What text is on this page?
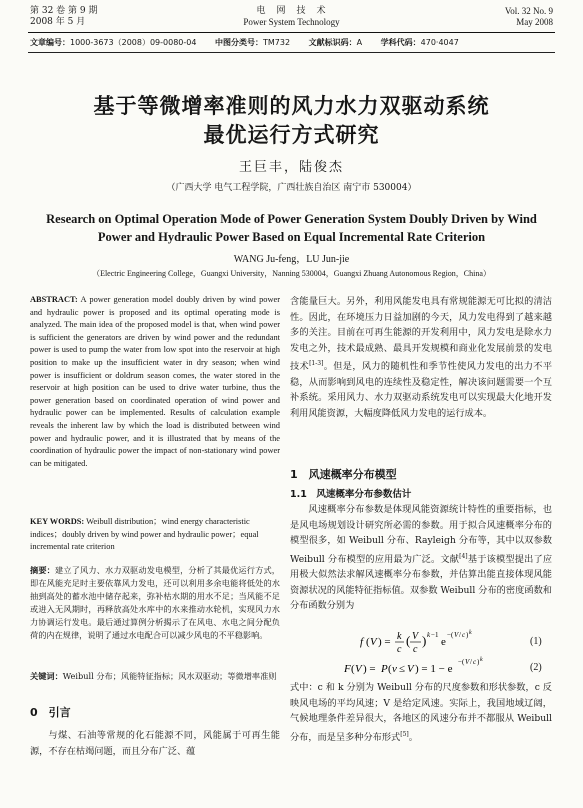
第 32 卷 第 9 期
2008 年 5 月
电　网　技　术
Power System Technology
Vol. 32 No. 9
May 2008
文章编号：1000-3673（2008）09-0080-04 中图分类号：TM732 文献标识码：A 学科代码：470·4047
基于等微增率准则的风力水力双驱动系统
最优运行方式研究
王巨丰，陆俊杰
（广西大学 电气工程学院，广西壮族自治区 南宁市 530004）
Research on Optimal Operation Mode of Power Generation System Doubly Driven by Wind
Power and Hydraulic Power Based on Equal Incremental Rate Criterion
WANG Ju-feng，LU Jun-jie
（Electric Engineering College，Guangxi University，Nanning 530004，Guangxi Zhuang Autonomous Region，China）
ABSTRACT: A power generation model doubly driven by wind power and hydraulic power is proposed and its optimal operating mode is analyzed. The main idea of the proposed model is that, when wind power is sufficient the generators are driven by wind power and the redundant power is used to pump the water from low spot into the reservoir at high position to make up the insufficient water in dry season; when wind power is insufficient or doldrum season comes, the water stored in the reservoir at high position can be used to drive water turbine, thus the power generation based on coordinated operation of wind power and hydraulic power can be implemented. Results of calculation example reveals the inherent law by which the load is distributed between wind power and hydraulic power, and it is illustrated that by means of the coordination of hydraulic power the impact of non-stationary wind power can be mitigated.
KEY WORDS: Weibull distribution；wind energy characteristic indices；doubly driven by wind power and hydraulic power；equal incremental rate criterion
摘要：建立了风力、水力双驱动发电模型，分析了其最优运行方式，即在风能充足时主要依靠风力发电，还可以利用多余电能将低处的水抽到高处的蓄水池中储存起来，弥补枯水期的用水不足；当风能不足或进入无风期时，再释放高处水库中的水来推动水轮机，实现风力水力协调运行发电。最后通过算例分析揭示了在风电、水电之间分配负荷的内在规律，说明了通过水电配合可以减少风电的不平稳影响。
关键词：Weibull 分布；风能特征指标；风水双驱动；等微增率准则
0　引言
与煤、石油等常规的化石能源不同，风能属于可再生能源，不存在枯竭问题，而且分布广泛、蕴
含能量巨大。另外，利用风能发电具有常规能源无可比拟的清洁性。因此，在环境压力日益加剧的今天，风力发电得到了越来越多的关注。目前在可再生能源的开发利用中，风力发电是除水力发电之外，技术最成熟、最具开发规模和商业化发展前景的发电技术[1-3]。但是，风力的随机性和季节性使风力发电的出力不平稳，从而影响到风电的连续性及稳定性，解决该问题需要一个互补系统。采用风力、水力双驱动系统发电可以实现最大化地开发利用风能资源，大幅度降低风力发电的运行成本。
1　风速概率分布模型
1.1　风速概率分布参数估计
风速概率分布参数是体现风能资源统计特性的重要指标，也是风电场规划设计研究所必需的参数。用于拟合风速概率分布的模型很多，如 Weibull 分布、Rayleigh 分布等，其中以双参数 Weibull 分布模型的应用最为广泛。文献[4]基于该模型提出了应用极大似然法求解风速概率分布参数，并估算出能直接体现风能资源状况的风能特征指标值。双参数 Weibull 分布的密度函数和分布函数分别为
f ( V ) = k
c
( V
c
) k −1
e
−( V / c ) k
(1)
F ( V ) = P ( v ≤ V ) = 1 − e
−( V / c ) k
(2)
式中：c 和 k 分别为 Weibull 分布的尺度参数和形状参数，c 反映风电场的平均风速；V 是给定风速。实际上，我国地域辽阔，气候地理条件差异很大，各地区的风速分布并不都服从 Weibull 分布，而是呈多种分布形式[5]。
